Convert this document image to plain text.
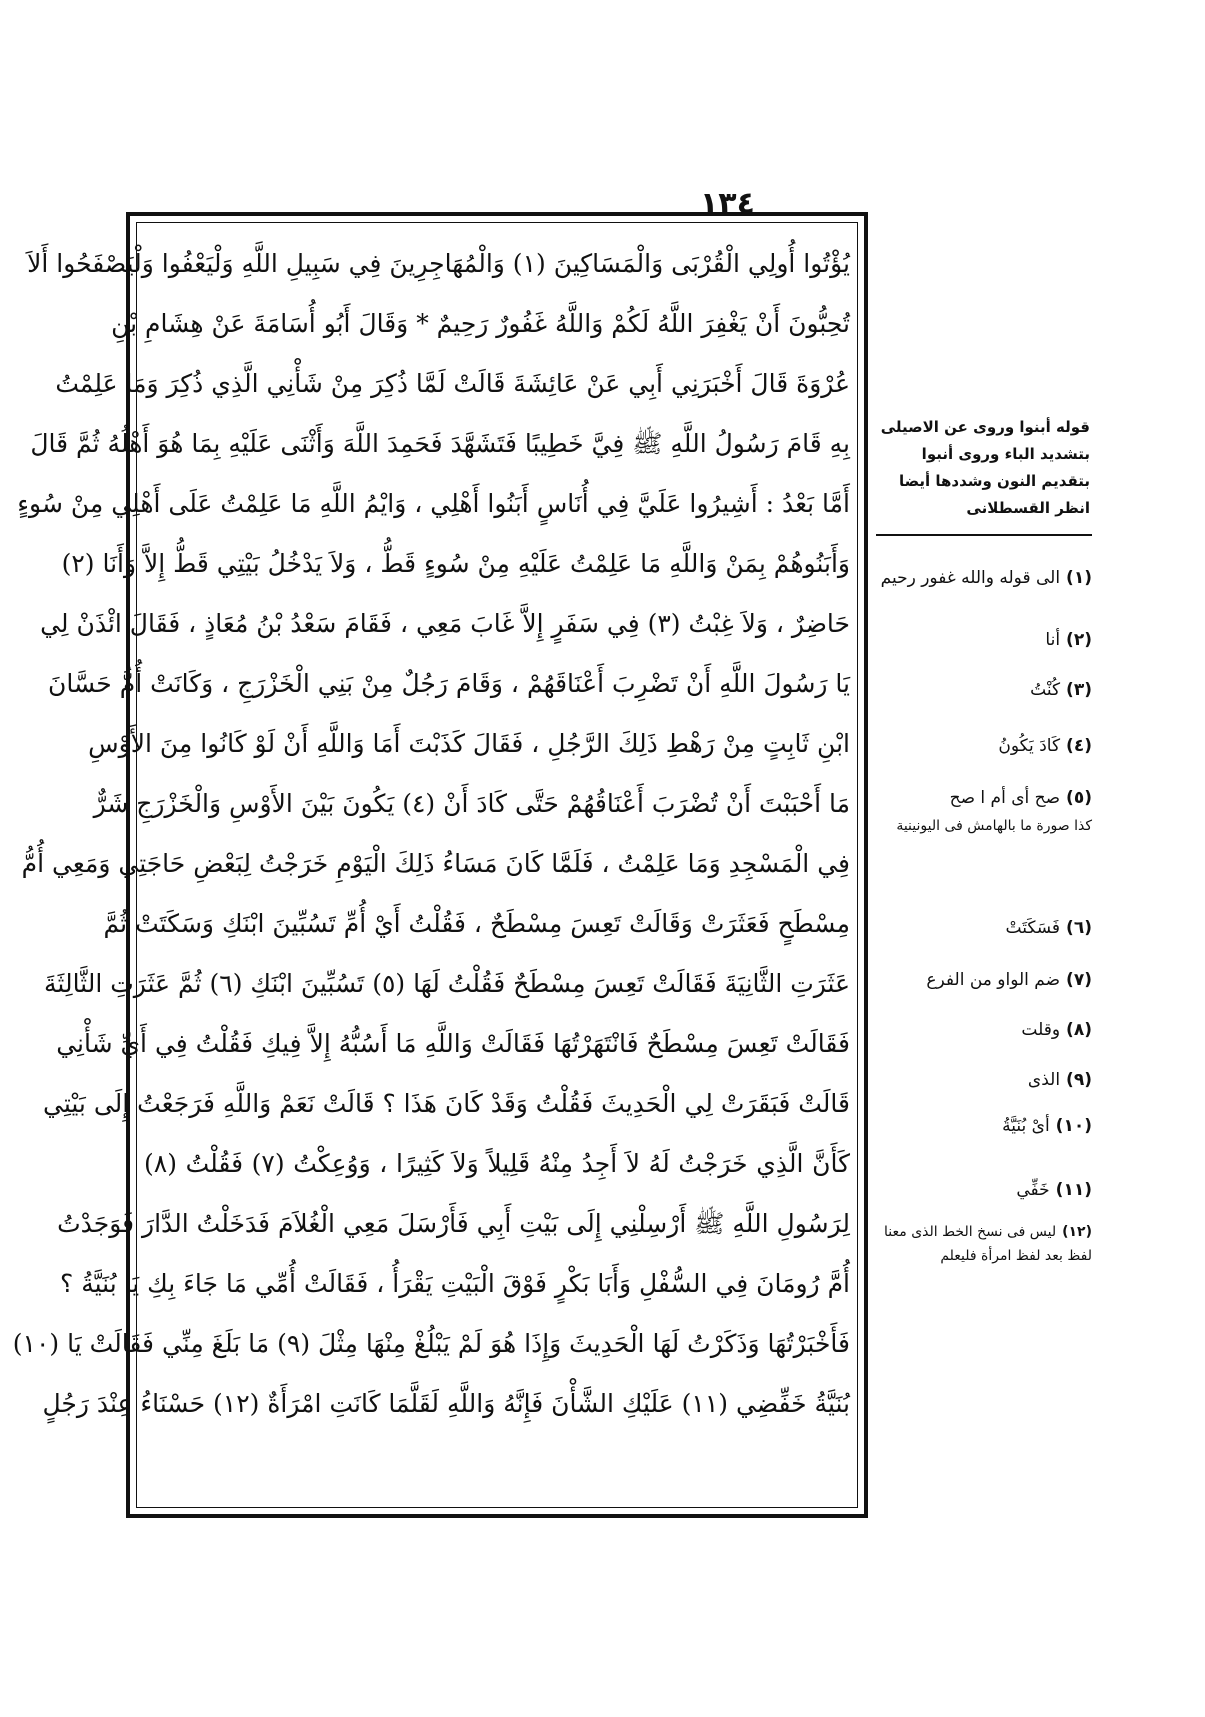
١٣٤
يُؤْتُوا أُولِي الْقُرْبَى وَالْمَسَاكِينَ (١) وَالْمُهَاجِرِينَ فِي سَبِيلِ اللَّهِ وَلْيَعْفُوا وَلْيَصْفَحُوا أَلاَ
تُحِبُّونَ أَنْ يَغْفِرَ اللَّهُ لَكُمْ وَاللَّهُ غَفُورٌ رَحِيمٌ * وَقَالَ أَبُو أُسَامَةَ عَنْ هِشَامِ بْنِ
عُرْوَةَ قَالَ أَخْبَرَنِي أَبِي عَنْ عَائِشَةَ قَالَتْ لَمَّا ذُكِرَ مِنْ شَأْنِي الَّذِي ذُكِرَ وَمَا عَلِمْتُ
بِهِ قَامَ رَسُولُ اللَّهِ ﷺ فِيَّ خَطِيبًا فَتَشَهَّدَ فَحَمِدَ اللَّهَ وَأَثْنَى عَلَيْهِ بِمَا هُوَ أَهْلُهُ ثُمَّ قَالَ
أَمَّا بَعْدُ : أَشِيرُوا عَلَيَّ فِي أُنَاسٍ أَبَنُوا أَهْلِي ، وَايْمُ اللَّهِ مَا عَلِمْتُ عَلَى أَهْلِي مِنْ سُوءٍ
وَأَبَنُوهُمْ بِمَنْ وَاللَّهِ مَا عَلِمْتُ عَلَيْهِ مِنْ سُوءٍ قَطُّ ، وَلاَ يَدْخُلُ بَيْتِي قَطُّ إِلاَّ وَأَنَا (٢)
حَاضِرٌ ، وَلاَ غِبْتُ (٣) فِي سَفَرٍ إِلاَّ غَابَ مَعِي ، فَقَامَ سَعْدُ بْنُ مُعَاذٍ ، فَقَالَ ائْذَنْ لِي
يَا رَسُولَ اللَّهِ أَنْ تَضْرِبَ أَعْنَاقَهُمْ ، وَقَامَ رَجُلٌ مِنْ بَنِي الْخَزْرَجِ ، وَكَانَتْ أُمُّ حَسَّانَ
ابْنِ ثَابِتٍ مِنْ رَهْطِ ذَلِكَ الرَّجُلِ ، فَقَالَ كَذَبْتَ أَمَا وَاللَّهِ أَنْ لَوْ كَانُوا مِنَ الأَوْسِ
مَا أَحْبَبْتَ أَنْ تُضْرَبَ أَعْنَاقُهُمْ حَتَّى كَادَ أَنْ (٤) يَكُونَ بَيْنَ الأَوْسِ وَالْخَزْرَجِ شَرٌّ
فِي الْمَسْجِدِ وَمَا عَلِمْتُ ، فَلَمَّا كَانَ مَسَاءُ ذَلِكَ الْيَوْمِ خَرَجْتُ لِبَعْضِ حَاجَتِي وَمَعِي أُمُّ
مِسْطَحٍ فَعَثَرَتْ وَقَالَتْ تَعِسَ مِسْطَحٌ ، فَقُلْتُ أَيْ أُمِّ تَسُبِّينَ ابْنَكِ وَسَكَتَتْ ثُمَّ
عَثَرَتِ الثَّانِيَةَ فَقَالَتْ تَعِسَ مِسْطَحٌ فَقُلْتُ لَهَا (٥) تَسُبِّينَ ابْنَكِ (٦) ثُمَّ عَثَرَتِ الثَّالِثَةَ
فَقَالَتْ تَعِسَ مِسْطَحٌ فَانْتَهَرْتُهَا فَقَالَتْ وَاللَّهِ مَا أَسُبُّهُ إِلاَّ فِيكِ فَقُلْتُ فِي أَيِّ شَأْنِي
قَالَتْ فَبَقَرَتْ لِي الْحَدِيثَ فَقُلْتُ وَقَدْ كَانَ هَذَا ؟ قَالَتْ نَعَمْ وَاللَّهِ فَرَجَعْتُ إِلَى بَيْتِي
كَأَنَّ الَّذِي خَرَجْتُ لَهُ لاَ أَجِدُ مِنْهُ قَلِيلاً وَلاَ كَثِيرًا ، وَوُعِكْتُ (٧) فَقُلْتُ (٨)
لِرَسُولِ اللَّهِ ﷺ أَرْسِلْنِي إِلَى بَيْتِ أَبِي فَأَرْسَلَ مَعِي الْغُلاَمَ فَدَخَلْتُ الدَّارَ فَوَجَدْتُ
أُمَّ رُومَانَ فِي السُّفْلِ وَأَبَا بَكْرٍ فَوْقَ الْبَيْتِ يَقْرَأُ ، فَقَالَتْ أُمِّي مَا جَاءَ بِكِ يَا بُنَيَّةُ ؟
فَأَخْبَرْتُهَا وَذَكَرْتُ لَهَا الْحَدِيثَ وَإِذَا هُوَ لَمْ يَبْلُغْ مِنْهَا مِثْلَ (٩) مَا بَلَغَ مِنِّي فَقَالَتْ يَا (١٠)
بُنَيَّةُ خَفِّضِي (١١) عَلَيْكِ الشَّأْنَ فَإِنَّهُ وَاللَّهِ لَقَلَّمَا كَانَتِ امْرَأَةٌ (١٢) حَسْنَاءُ عِنْدَ رَجُلٍ
قوله أبنوا وروى عن الاصيلى
بتشديد الباء وروى أنبوا
بتقديم النون وشددها أيضا
انظر القسطلانى
(١)الى قوله والله غفور رحيم
(٢)أنا
(٣)كُنْتُ
(٤)كَادَ يَكُونُ
(٥)صح أى أم ا صح
كذا صورة ما بالهامش فى اليونينية
(٦)فَسَكَتَتْ
(٧)ضم الواو من الفرع
(٨)وقلت
(٩)الذى
(١٠)أىْ بُنَيَّةُ
(١١)خَفِّي
(١٢)ليس فى نسخ الخط الذى معنا لفظ بعد لفظ امرأة فليعلم
